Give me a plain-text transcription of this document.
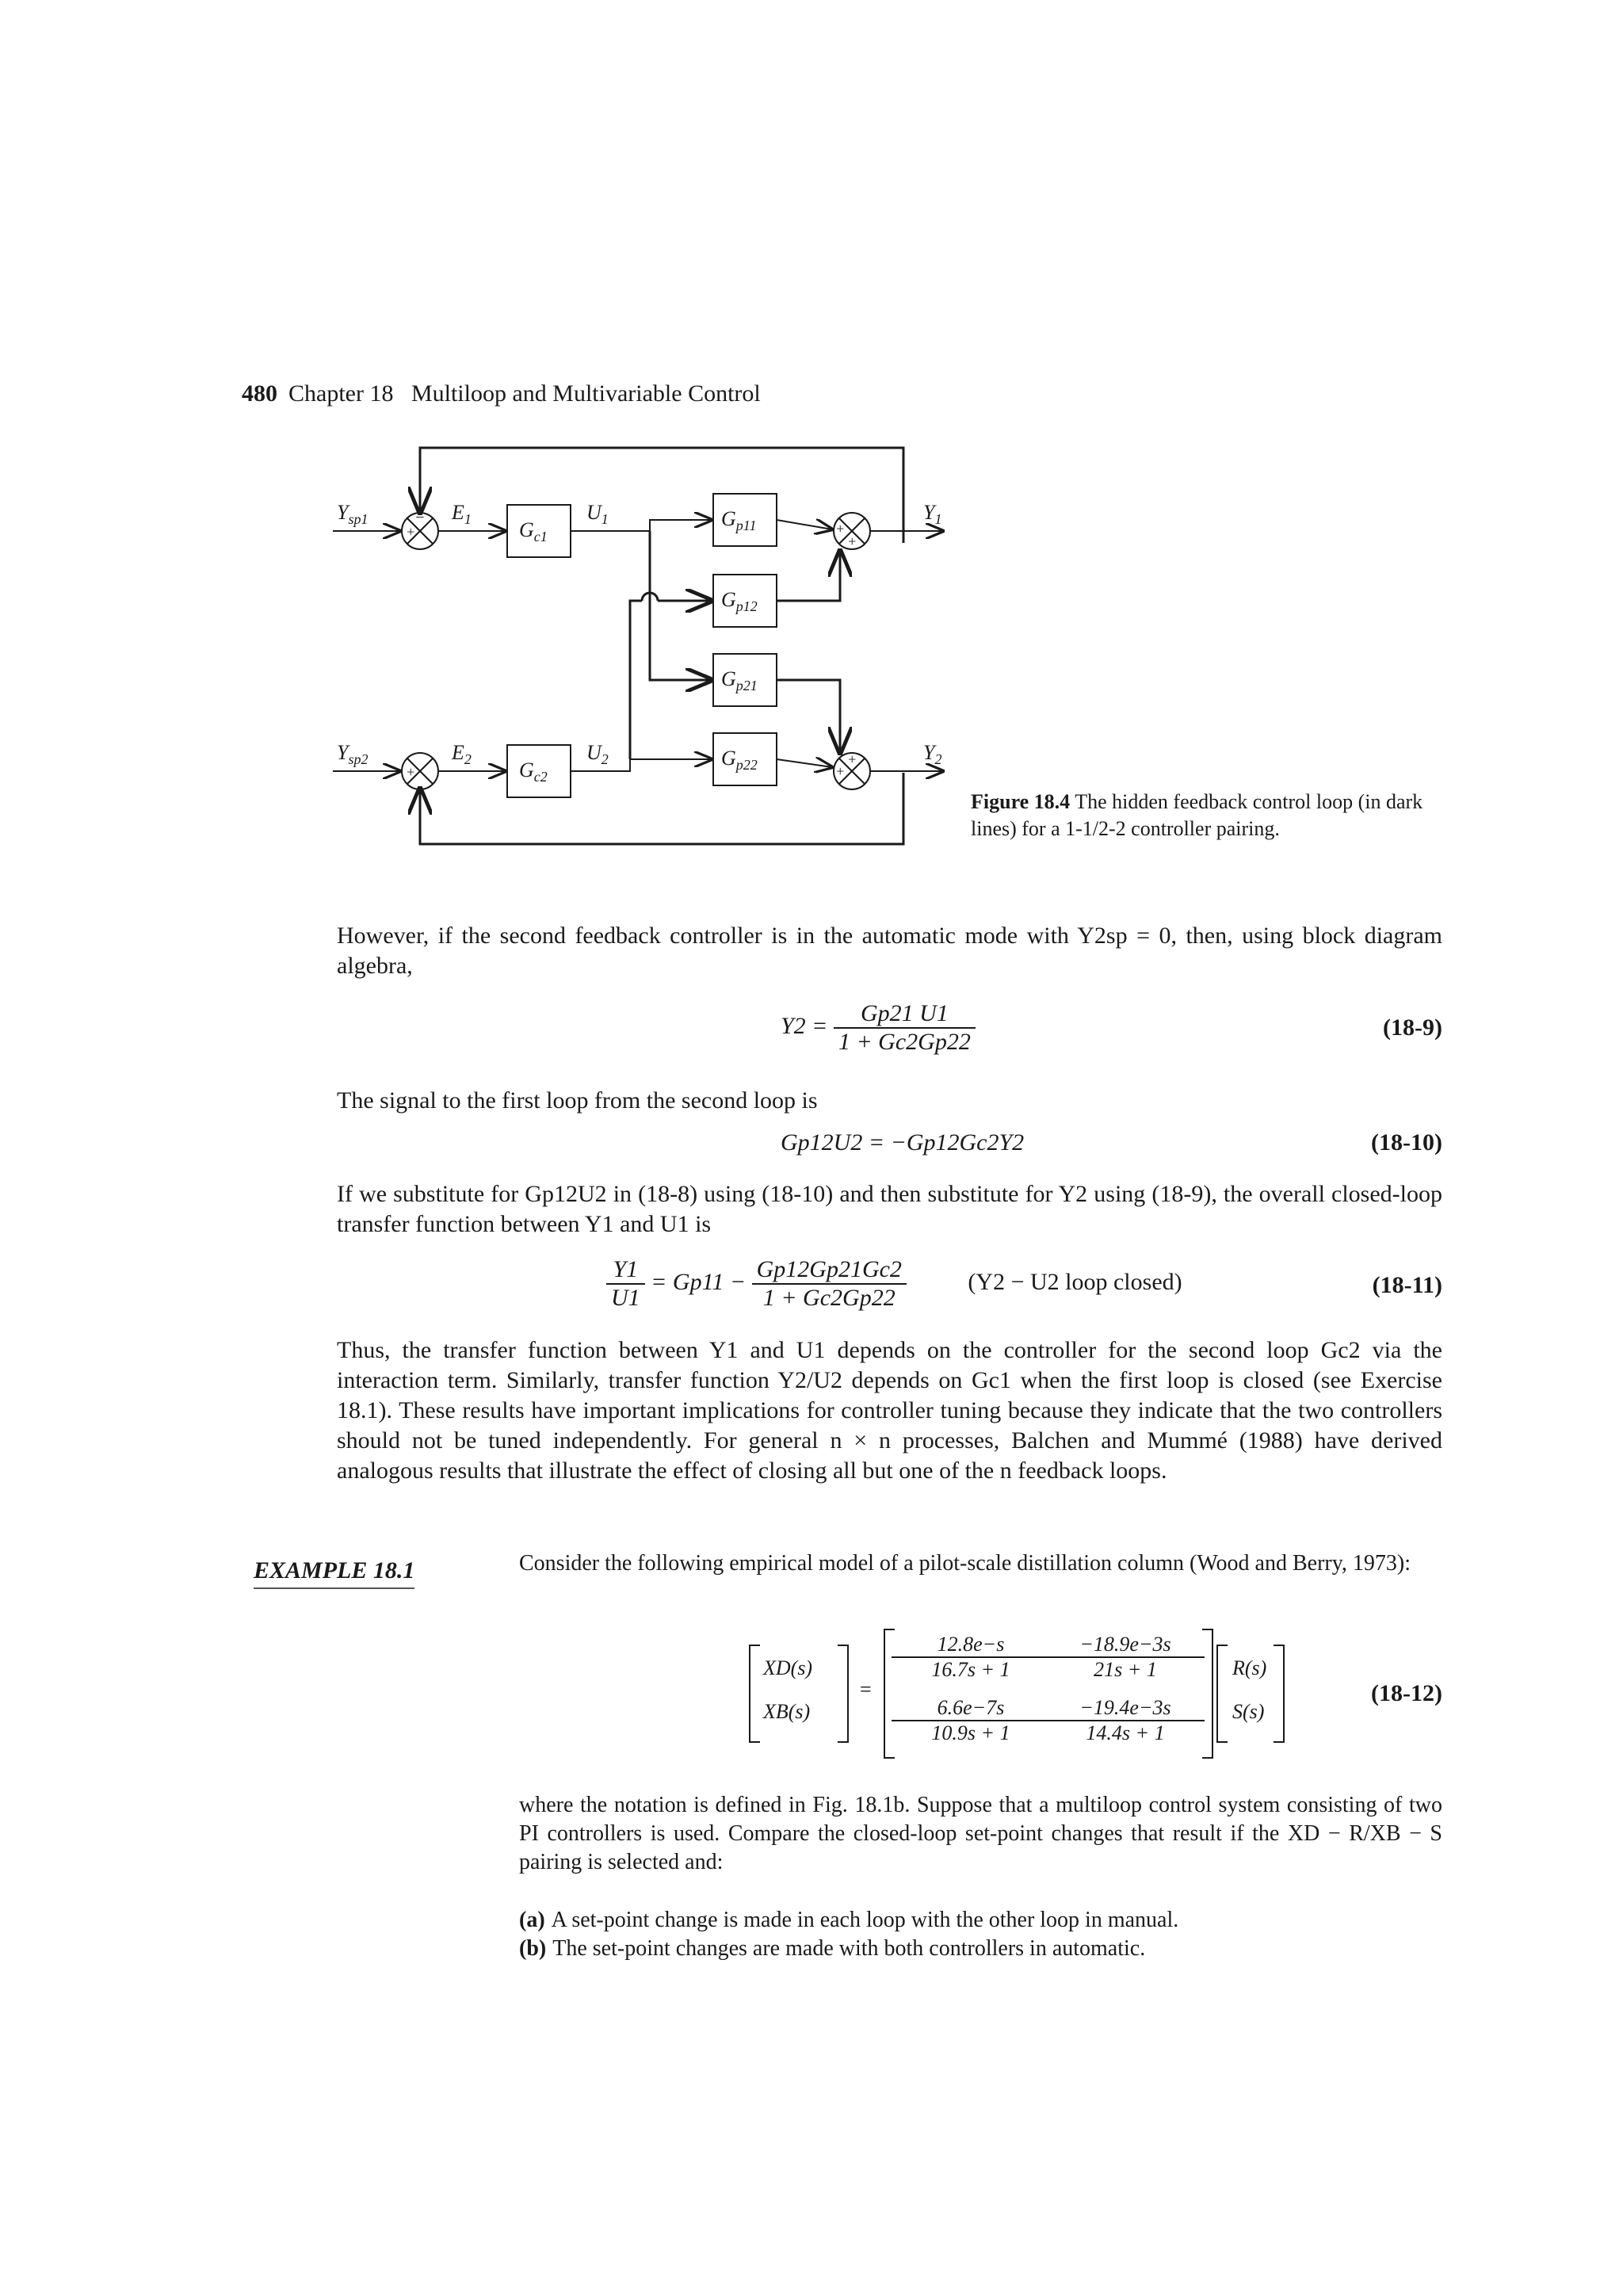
480 Chapter 18   Multiloop and Multivariable Control
$Y_{sp1}$
$Y_{sp2}$
$E_1$
$E_2$
$U_1$
$U_2$
$Y_1$
$Y_2$
$G_{c1}$
$G_{c2}$
$G_{p11}$
$G_{p12}$
$G_{p21}$
$G_{p22}$
+
−
+
+
+
+
+
Figure 18.4 The hidden feedback control loop (in dark lines) for a 1-1/2-2 controller pairing.
However, if the second feedback controller is in the automatic mode with Y2sp = 0, then, using block diagram algebra,
$Y2 = \frac{Gp21 U1}{1 + Gc2Gp22}$	(18-9)
The signal to the first loop from the second loop is
Gp12U2 = −Gp12Gc2Y2	(18-10)
If we substitute for Gp12U2 in (18-8) using (18-10) and then substitute for Y2 using (18-9), the overall closed-loop transfer function between Y1 and U1 is
$\frac{Y1}{U1} = Gp11 - \frac{Gp12Gp21Gc2}{1 + Gc2Gp22}$	(Y2 − U2 loop closed)	(18-11)
Thus, the transfer function between Y1 and U1 depends on the controller for the second loop Gc2 via the interaction term. Similarly, transfer function Y2/U2 depends on Gc1 when the first loop is closed (see Exercise 18.1). These results have important implications for controller tuning because they indicate that the two controllers should not be tuned independently. For general n × n processes, Balchen and Mummé (1988) have derived analogous results that illustrate the effect of closing all but one of the n feedback loops.
EXAMPLE 18.1	Consider the following empirical model of a pilot-scale distillation column (Wood and Berry, 1973):
XD(s)
XB(s)
=
$\frac{12.8e-s}{16.7s + 1}$
$\frac{-18.9e-3s}{21s + 1}$
$\frac{6.6e-7s}{10.9s + 1}$
$\frac{-19.4e-3s}{14.4s + 1}$
R(s)
S(s)
(18-12)
where the notation is defined in Fig. 18.1b. Suppose that a multiloop control system consisting of two PI controllers is used. Compare the closed-loop set-point changes that result if the XD − R/XB − S pairing is selected and:
(a) A set-point change is made in each loop with the other loop in manual.
(b) The set-point changes are made with both controllers in automatic.
